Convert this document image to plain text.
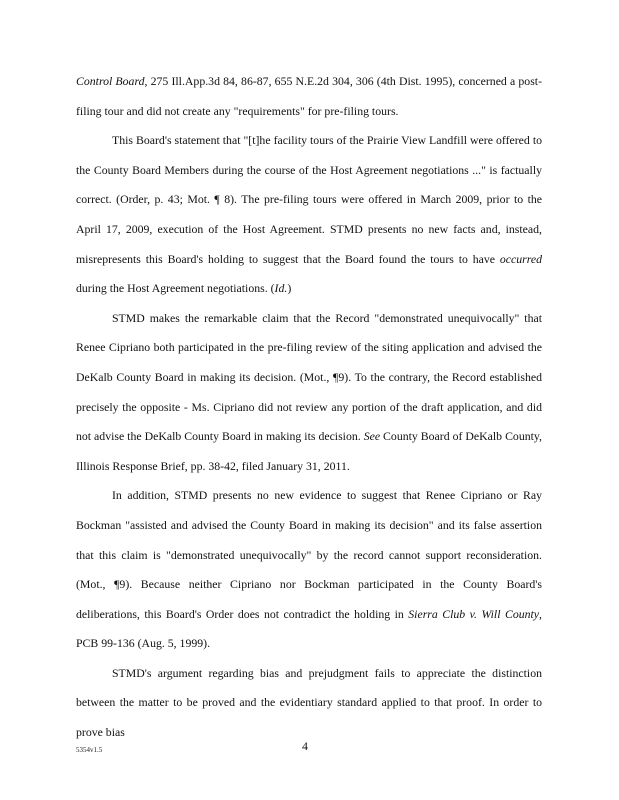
Control Board, 275 Ill.App.3d 84, 86-87, 655 N.E.2d 304, 306 (4th Dist. 1995), concerned a post-filing tour and did not create any "requirements" for pre-filing tours.

This Board's statement that "[t]he facility tours of the Prairie View Landfill were offered to the County Board Members during the course of the Host Agreement negotiations ..." is factually correct. (Order, p. 43; Mot. ¶ 8). The pre-filing tours were offered in March 2009, prior to the April 17, 2009, execution of the Host Agreement. STMD presents no new facts and, instead, misrepresents this Board's holding to suggest that the Board found the tours to have occurred during the Host Agreement negotiations. (Id.)

STMD makes the remarkable claim that the Record "demonstrated unequivocally" that Renee Cipriano both participated in the pre-filing review of the siting application and advised the DeKalb County Board in making its decision. (Mot., ¶9). To the contrary, the Record established precisely the opposite - Ms. Cipriano did not review any portion of the draft application, and did not advise the DeKalb County Board in making its decision. See County Board of DeKalb County, Illinois Response Brief, pp. 38-42, filed January 31, 2011.

In addition, STMD presents no new evidence to suggest that Renee Cipriano or Ray Bockman "assisted and advised the County Board in making its decision" and its false assertion that this claim is "demonstrated unequivocally" by the record cannot support reconsideration. (Mot., ¶9). Because neither Cipriano nor Bockman participated in the County Board's deliberations, this Board's Order does not contradict the holding in Sierra Club v. Will County, PCB 99-136 (Aug. 5, 1999).

STMD's argument regarding bias and prejudgment fails to appreciate the distinction between the matter to be proved and the evidentiary standard applied to that proof. In order to prove bias

5354v1.5	4
